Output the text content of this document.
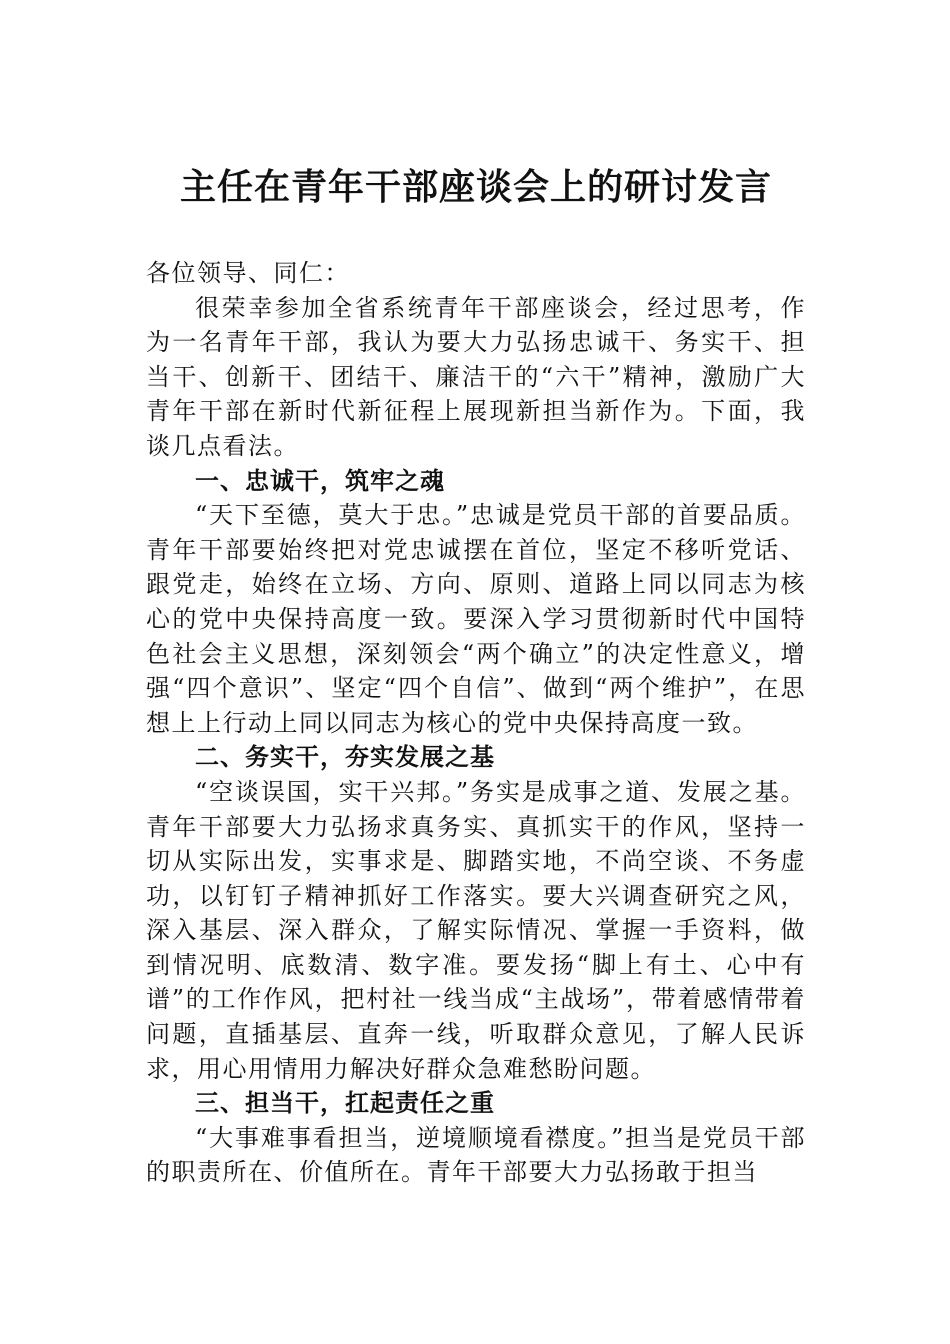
主任在青年干部座谈会上的研讨发言

各位领导、同仁：

很荣幸参加全省系统青年干部座谈会，经过思考，作为一名青年干部，我认为要大力弘扬忠诚干、务实干、担当干、创新干、团结干、廉洁干的“六干”精神，激励广大青年干部在新时代新征程上展现新担当新作为。下面，我谈几点看法。

一、忠诚干，筑牢之魂

“天下至德，莫大于忠。”忠诚是党员干部的首要品质。青年干部要始终把对党忠诚摆在首位，坚定不移听党话、跟党走，始终在立场、方向、原则、道路上同以同志为核心的党中央保持高度一致。要深入学习贯彻新时代中国特色社会主义思想，深刻领会“两个确立”的决定性意义，增强“四个意识”、坚定“四个自信”、做到“两个维护”，在思想上上行动上同以同志为核心的党中央保持高度一致。

二、务实干，夯实发展之基

“空谈误国，实干兴邦。”务实是成事之道、发展之基。青年干部要大力弘扬求真务实、真抓实干的作风，坚持一切从实际出发，实事求是、脚踏实地，不尚空谈、不务虚功，以钉钉子精神抓好工作落实。要大兴调查研究之风，深入基层、深入群众，了解实际情况、掌握一手资料，做到情况明、底数清、数字准。要发扬“脚上有土、心中有谱”的工作作风，把村社一线当成“主战场”，带着感情带着问题，直插基层、直奔一线，听取群众意见，了解人民诉求，用心用情用力解决好群众急难愁盼问题。

三、担当干，扛起责任之重

“大事难事看担当，逆境顺境看襟度。”担当是党员干部的职责所在、价值所在。青年干部要大力弘扬敢于担当
